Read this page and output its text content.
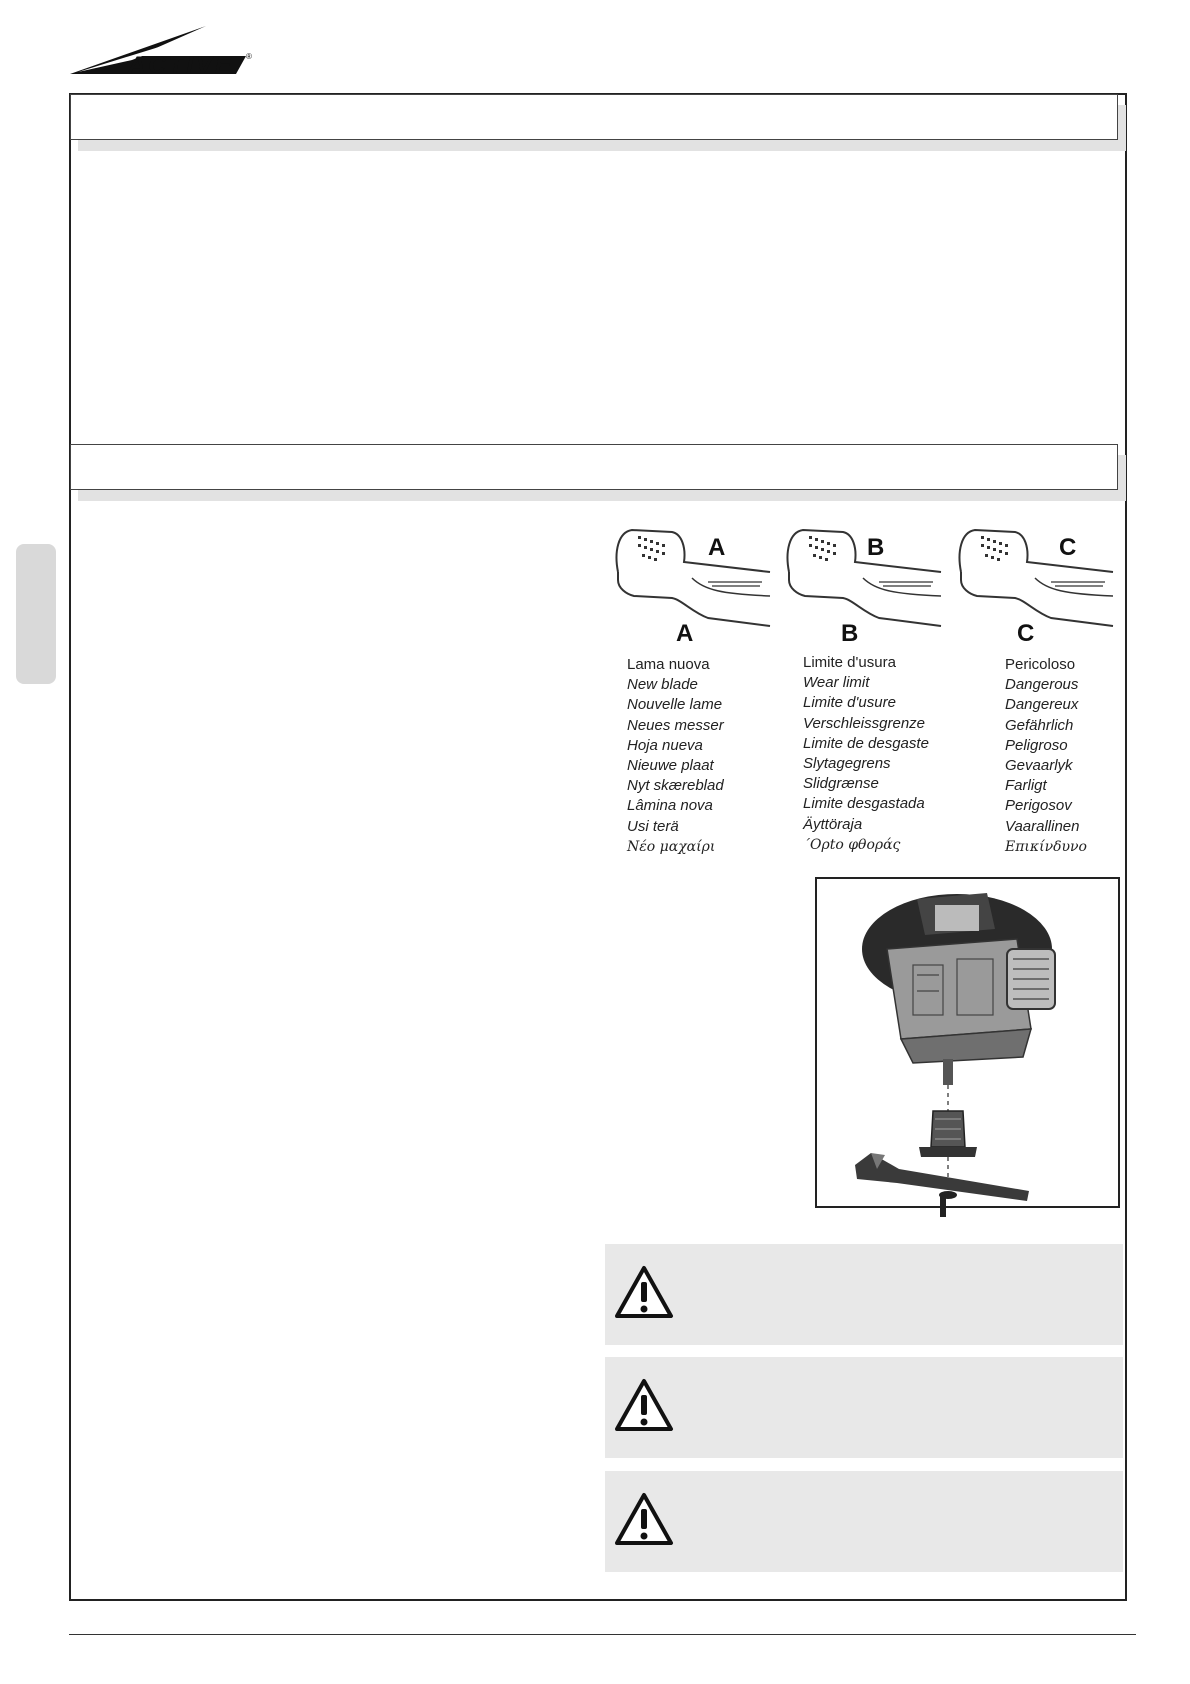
ACTIVE ®
A
A
B
B
C
C
Lama nuova
New blade
Nouvelle lame
Neues messer
Hoja nueva
Nieuwe plaat
Nyt skæreblad
Lâmina nova
Usi terä
Νέο μαχαίρι
Limite d'usura
Wear limit
Limite d'usure
Verschleissgrenze
Limite de desgaste
Slytagegrens
Slidgrænse
Limite desgastada
Äyttöraja
΄Ορto φθoράς
Pericoloso
Dangerous
Dangereux
Gefährlich
Peligroso
Gevaarlyk
Farligt
Perigosov
Vaarallinen
Επικίνδυνο
